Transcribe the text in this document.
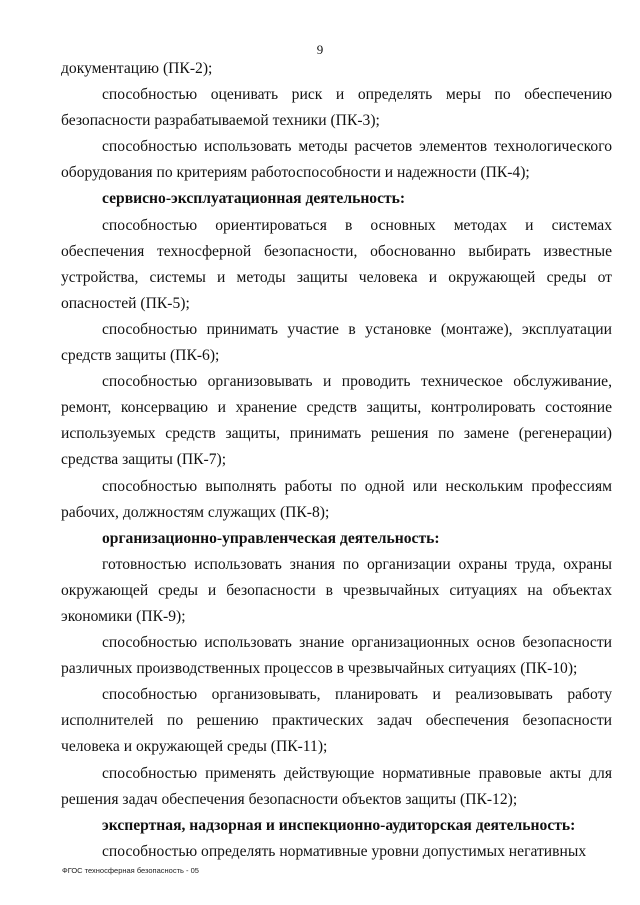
9

документацию (ПК-2);

способностью оценивать риск и определять меры по обеспечению безопасности разрабатываемой техники (ПК-3);

способностью использовать методы расчетов элементов технологического оборудования по критериям работоспособности и надежности (ПК-4);

сервисно-эксплуатационная деятельность:

способностью ориентироваться в основных методах и системах обеспечения техносферной безопасности, обоснованно выбирать известные устройства, системы и методы защиты человека и окружающей среды от опасностей (ПК-5);

способностью принимать участие в установке (монтаже), эксплуатации средств защиты (ПК-6);

способностью организовывать и проводить техническое обслуживание, ремонт, консервацию и хранение средств защиты, контролировать состояние используемых средств защиты, принимать решения по замене (регенерации) средства защиты (ПК-7);

способностью выполнять работы по одной или нескольким профессиям рабочих, должностям служащих (ПК-8);

организационно-управленческая деятельность:

готовностью использовать знания по организации охраны труда, охраны окружающей среды и безопасности в чрезвычайных ситуациях на объектах экономики (ПК-9);

способностью использовать знание организационных основ безопасности различных производственных процессов в чрезвычайных ситуациях (ПК-10);

способностью организовывать, планировать и реализовывать работу исполнителей по решению практических задач обеспечения безопасности человека и окружающей среды (ПК-11);

способностью применять действующие нормативные правовые акты для решения задач обеспечения безопасности объектов защиты (ПК-12);

экспертная, надзорная и инспекционно-аудиторская деятельность:

способностью определять нормативные уровни допустимых негативных

ФГОС техносферная безопасность - 05
